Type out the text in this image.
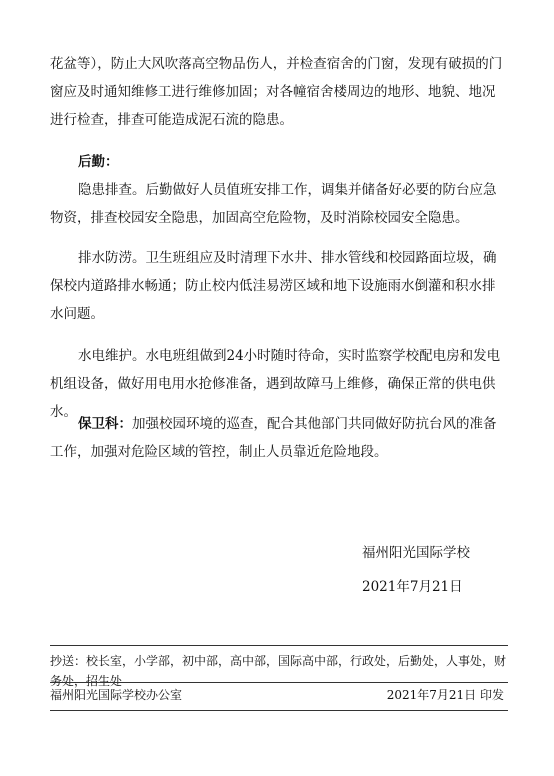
花盆等），防止大风吹落高空物品伤人，并检查宿舍的门窗，发现有破损的门窗应及时通知维修工进行维修加固；对各幢宿舍楼周边的地形、地貌、地况进行检查，排查可能造成泥石流的隐患。

后勤：

隐患排查。后勤做好人员值班安排工作，调集并储备好必要的防台应急物资，排查校园安全隐患，加固高空危险物，及时消除校园安全隐患。

排水防涝。卫生班组应及时清理下水井、排水管线和校园路面垃圾，确保校内道路排水畅通；防止校内低洼易涝区域和地下设施雨水倒灌和积水排水问题。

水电维护。水电班组做到24小时随时待命，实时监察学校配电房和发电机组设备，做好用电用水抢修准备，遇到故障马上维修，确保正常的供电供水。

保卫科：加强校园环境的巡查，配合其他部门共同做好防抗台风的准备工作，加强对危险区域的管控，制止人员靠近危险地段。

福州阳光国际学校
2021年7月21日

抄送：校长室，小学部，初中部，高中部，国际高中部，行政处，后勤处，人事处，财务处，招生处

福州阳光国际学校办公室	2021年7月21日 印发
